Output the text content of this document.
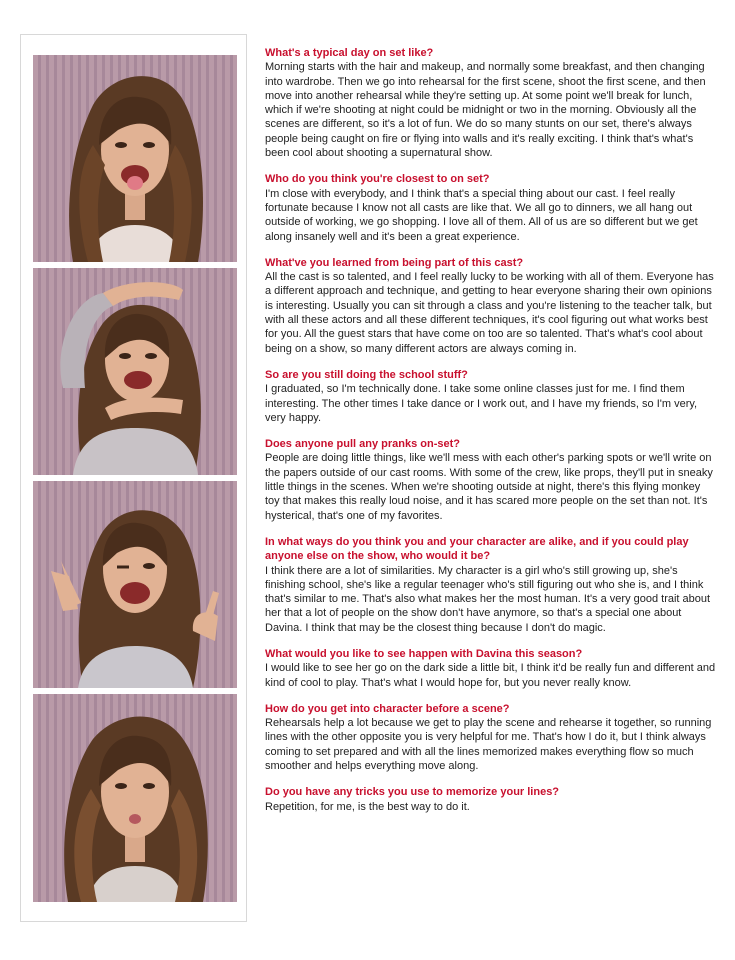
What's a typical day on set like?

Morning starts with the hair and makeup, and normally some breakfast, and then changing into wardrobe. Then we go into rehearsal for the first scene, shoot the first scene, and then move into another rehearsal while they're setting up. At some point we'll break for lunch, which if we're shooting at night could be midnight or two in the morning. Obviously all the scenes are different, so it's a lot of fun. We do so many stunts on our set, there's always people being caught on fire or flying into walls and it's really exciting. I think that's what's been cool about shooting a supernatural show.

Who do you think you're closest to on set?

I'm close with everybody, and I think that's a special thing about our cast. I feel really fortunate because I know not all casts are like that. We all go to dinners, we all hang out outside of working, we go shopping. I love all of them. All of us are so different but we get along insanely well and it's been a great experience.

What've you learned from being part of this cast?

All the cast is so talented, and I feel really lucky to be working with all of them. Everyone has a different approach and technique, and getting to hear everyone sharing their own opinions is interesting. Usually you can sit through a class and you're listening to the teacher talk, but with all these actors and all these different techniques, it's cool figuring out what works best for you. All the guest stars that have come on too are so talented. That's what's cool about being on a show, so many different actors are always coming in.

So are you still doing the school stuff?

I graduated, so I'm technically done. I take some online classes just for me. I find them interesting. The other times I take dance or I work out, and I have my friends, so I'm very, very happy.

Does anyone pull any pranks on-set?

People are doing little things, like we'll mess with each other's parking spots or we'll write on the papers outside of our cast rooms. With some of the crew, like props, they'll put in sneaky little things in the scenes. When we're shooting outside at night, there's this flying monkey toy that makes this really loud noise, and it has scared more people on the set than not. It's hysterical, that's one of my favorites.

In what ways do you think you and your character are alike, and if you could play anyone else on the show, who would it be?

I think there are a lot of similarities. My character is a girl who's still growing up, she's finishing school, she's like a regular teenager who's still figuring out who she is, and I think that's similar to me. That's also what makes her the most human. It's a very good trait about her that a lot of people on the show don't have anymore, so that's a special one about Davina. I think that may be the closest thing because I don't do magic.

What would you like to see happen with Davina this season?

I would like to see her go on the dark side a little bit, I think it'd be really fun and different and kind of cool to play. That's what I would hope for, but you never really know.

How do you get into character before a scene?

Rehearsals help a lot because we get to play the scene and rehearse it together, so running lines with the other opposite you is very helpful for me. That's how I do it, but I think always coming to set prepared and with all the lines memorized makes everything flow so much smoother and helps everything move along.

Do you have any tricks you use to memorize your lines?

Repetition, for me, is the best way to do it.
